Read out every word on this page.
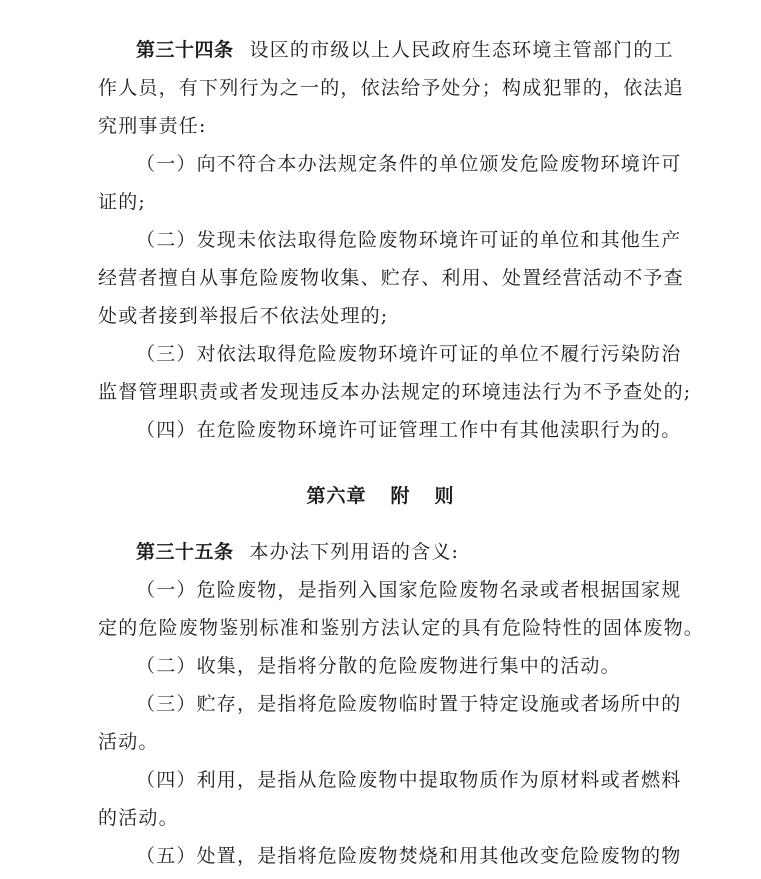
第三十四条 设区的市级以上人民政府生态环境主管部门的工
作人员，有下列行为之一的，依法给予处分；构成犯罪的，依法追
究刑事责任:
（一）向不符合本办法规定条件的单位颁发危险废物环境许可
证的;
（二）发现未依法取得危险废物环境许可证的单位和其他生产
经营者擅自从事危险废物收集、贮存、利用、处置经营活动不予查
处或者接到举报后不依法处理的;
（三）对依法取得危险废物环境许可证的单位不履行污染防治
监督管理职责或者发现违反本办法规定的环境违法行为不予查处的;
（四）在危险废物环境许可证管理工作中有其他渎职行为的。
第六章 附 则
第三十五条 本办法下列用语的含义:
（一）危险废物，是指列入国家危险废物名录或者根据国家规
定的危险废物鉴别标准和鉴别方法认定的具有危险特性的固体废物。
（二）收集，是指将分散的危险废物进行集中的活动。
（三）贮存，是指将危险废物临时置于特定设施或者场所中的
活动。
（四）利用，是指从危险废物中提取物质作为原材料或者燃料
的活动。
（五）处置，是指将危险废物焚烧和用其他改变危险废物的物
